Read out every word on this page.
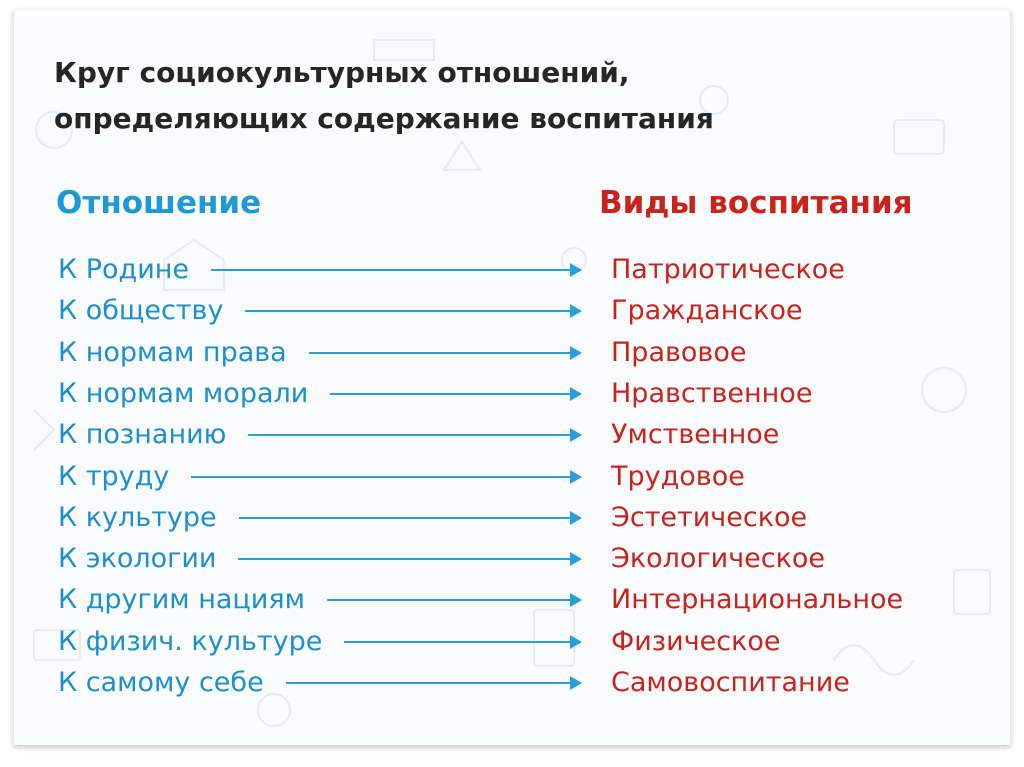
Круг социокультурных отношений,
определяющих содержание воспитания
Отношение	Виды воспитания
К Родине	Патриотическое
К обществу	Гражданское
К нормам права	Правовое
К нормам морали	Нравственное
К познанию	Умственное
К труду	Трудовое
К культуре	Эстетическое
К экологии	Экологическое
К другим нациям	Интернациональное
К физич. культуре	Физическое
К самому себе	Самовоспитание
